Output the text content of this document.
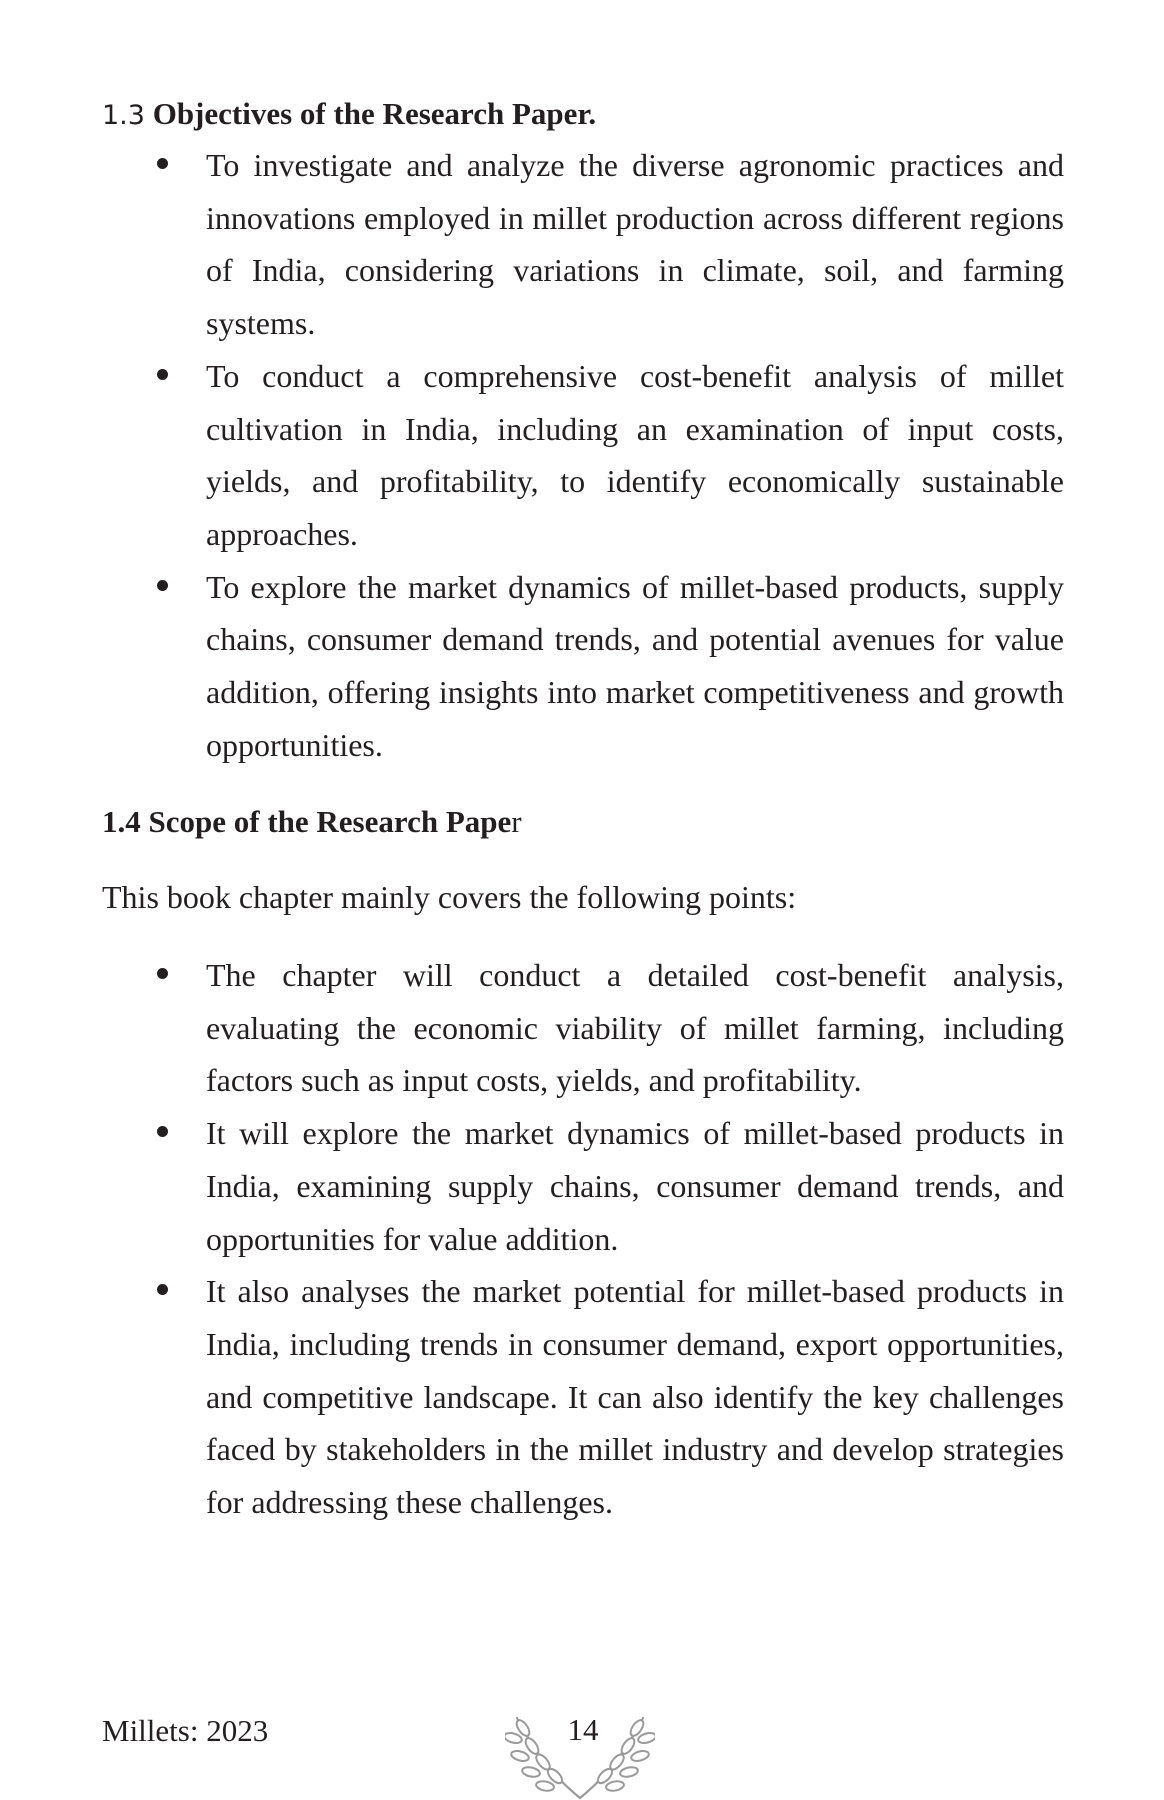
1.3 Objectives of the Research Paper.
To investigate and analyze the diverse agronomic practices and innovations employed in millet production across different regions of India, considering variations in climate, soil, and farming systems.
To conduct a comprehensive cost-benefit analysis of millet cultivation in India, including an examination of input costs, yields, and profitability, to identify economically sustainable approaches.
To explore the market dynamics of millet-based products, supply chains, consumer demand trends, and potential avenues for value addition, offering insights into market competitiveness and growth opportunities.
1.4 Scope of the Research Paper

This book chapter mainly covers the following points:

The chapter will conduct a detailed cost-benefit analysis, evaluating the economic viability of millet farming, including factors such as input costs, yields, and profitability.
It will explore the market dynamics of millet-based products in India, examining supply chains, consumer demand trends, and opportunities for value addition.
It also analyses the market potential for millet-based products in India, including trends in consumer demand, export opportunities, and competitive landscape. It can also identify the key challenges faced by stakeholders in the millet industry and develop strategies for addressing these challenges.
Millets: 2023	14
